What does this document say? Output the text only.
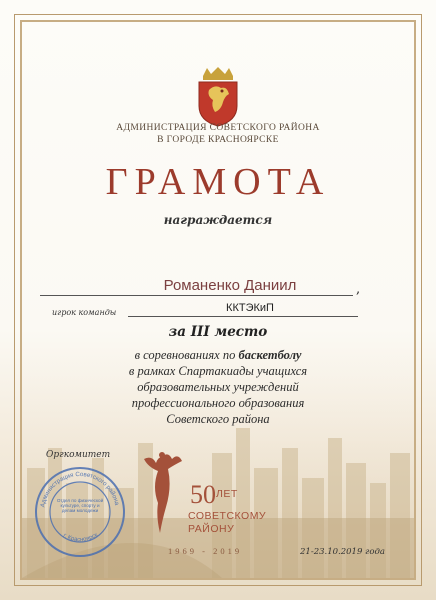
АДМИНИСТРАЦИЯ СОВЕТСКОГО РАЙОНА
В ГОРОДЕ КРАСНОЯРСКЕ
ГРАМОТА
награждается
Романенко Даниил	,
игрок команды	ККТЭКиП
за III место
в соревнованиях по баскетболу
в рамках Спартакиады учащихся
образовательных учреждений
профессионального образования
Советского района
Оргкомитет
Администрация Советского района
г. Красноярск
Отдел по физической культуре, спорту и делам молодежи
50 ЛЕТ
СОВЕТСКОМУ
РАЙОНУ
1969 - 2019	21-23.10.2019 года
